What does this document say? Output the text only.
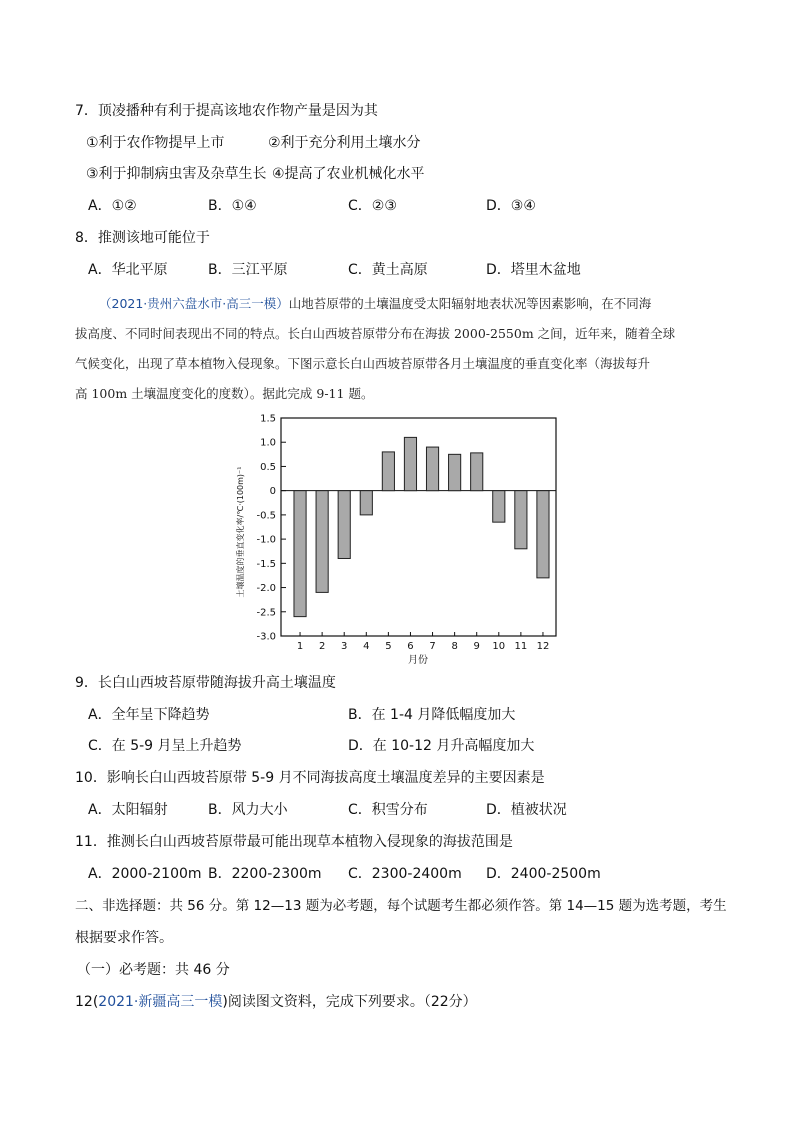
7．顶凌播种有利于提高该地农作物产量是因为其
①利于农作物提早上市	②利于充分利用土壤水分
③利于抑制病虫害及杂草生长 ④提高了农业机械化水平
A．①②	B．①④	C．②③	D．③④
8．推测该地可能位于
A．华北平原	B．三江平原	C．黄土高原	D．塔里木盆地
（2021·贵州六盘水市·高三一模）山地苔原带的土壤温度受太阳辐射地表状况等因素影响，在不同海
拔高度、不同时间表现出不同的特点。长白山西坡苔原带分布在海拔 2000-2550m 之间，近年来，随着全球
气候变化，出现了草本植物入侵现象。下图示意长白山西坡苔原带各月土壤温度的垂直变化率（海拔每升
高 100m 土壤温度变化的度数）。据此完成 9-11 题。
土壤温度的垂直变化率/℃·(100m)⁻¹
1.5
1.0
0.5
0
-0.5
-1.0
-1.5
-2.0
-2.5
-3.0
1 2 3 4 5 6 7 8 9 10 11 12
月份
9．长白山西坡苔原带随海拔升高土壤温度
A．全年呈下降趋势	B．在 1-4 月降低幅度加大
C．在 5-9 月呈上升趋势	D．在 10-12 月升高幅度加大
10．影响长白山西坡苔原带 5-9 月不同海拔高度土壤温度差异的主要因素是
A．太阳辐射	B．风力大小	C．积雪分布	D．植被状况
11．推测长白山西坡苔原带最可能出现草本植物入侵现象的海拔范围是
A．2000-2100m B．2200-2300m C．2300-2400m D．2400-2500m
二、非选择题：共 56 分。第 12—13 题为必考题，每个试题考生都必须作答。第 14—15 题为选考题，考生
根据要求作答。
（一）必考题：共 46 分
12(2021·新疆高三一模)阅读图文资料，完成下列要求。（22分）
